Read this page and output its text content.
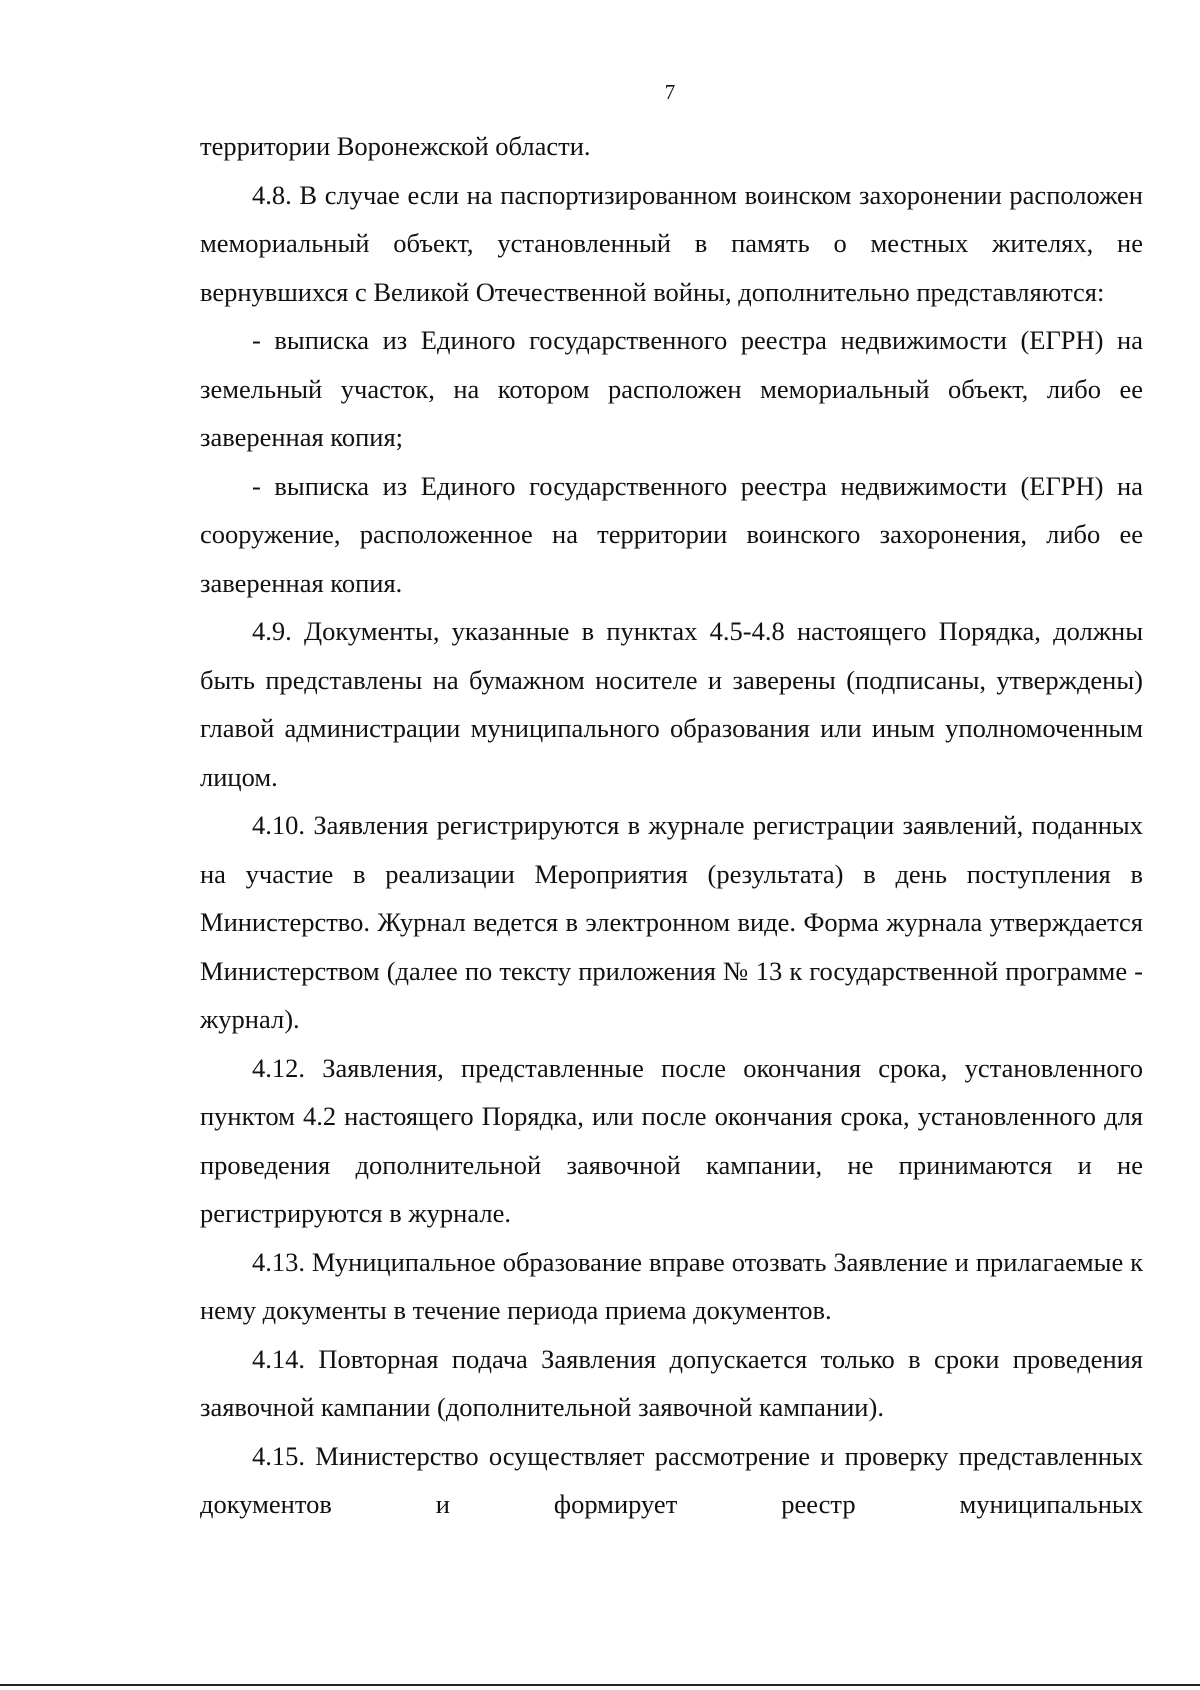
7

территории Воронежской области.

4.8. В случае если на паспортизированном воинском захоронении расположен мемориальный объект, установленный в память о местных жителях, не вернувшихся с Великой Отечественной войны, дополнительно представляются:

- выписка из Единого государственного реестра недвижимости (ЕГРН) на земельный участок, на котором расположен мемориальный объект, либо ее заверенная копия;

- выписка из Единого государственного реестра недвижимости (ЕГРН) на сооружение, расположенное на территории воинского захоронения, либо ее заверенная копия.

4.9. Документы, указанные в пунктах 4.5-4.8 настоящего Порядка, должны быть представлены на бумажном носителе и заверены (подписаны, утверждены) главой администрации муниципального образования или иным уполномоченным лицом.

4.10. Заявления регистрируются в журнале регистрации заявлений, поданных на участие в реализации Мероприятия (результата) в день поступления в Министерство. Журнал ведется в электронном виде. Форма журнала утверждается Министерством (далее по тексту приложения № 13 к государственной программе - журнал).

4.12. Заявления, представленные после окончания срока, установленного пунктом 4.2 настоящего Порядка, или после окончания срока, установленного для проведения дополнительной заявочной кампании, не принимаются и не регистрируются в журнале.

4.13. Муниципальное образование вправе отозвать Заявление и прилагаемые к нему документы в течение периода приема документов.

4.14. Повторная подача Заявления допускается только в сроки проведения заявочной кампании (дополнительной заявочной кампании).

4.15. Министерство осуществляет рассмотрение и проверку представленных документов и формирует реестр муниципальных
